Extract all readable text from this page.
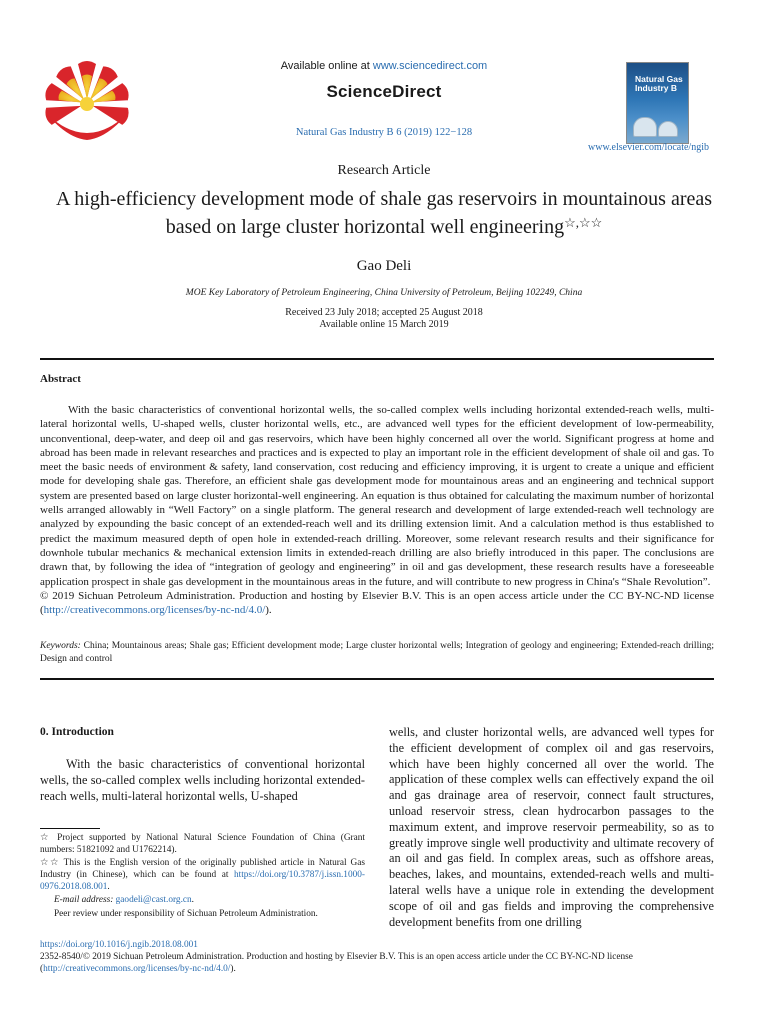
Available online at www.sciencedirect.com
ScienceDirect
Natural Gas Industry B 6 (2019) 122−128
Natural Gas Industry B
www.elsevier.com/locate/ngib
Research Article
A high-efficiency development mode of shale gas reservoirs in mountainous areas based on large cluster horizontal well engineering☆,☆☆
Gao Deli
MOE Key Laboratory of Petroleum Engineering, China University of Petroleum, Beijing 102249, China
Received 23 July 2018; accepted 25 August 2018
Available online 15 March 2019
Abstract

With the basic characteristics of conventional horizontal wells, the so-called complex wells including horizontal extended-reach wells, multi-lateral horizontal wells, U-shaped wells, cluster horizontal wells, etc., are advanced well types for the efficient development of low-permeability, unconventional, deep-water, and deep oil and gas reservoirs, which have been highly concerned all over the world. Significant progress at home and abroad has been made in relevant researches and practices and is expected to play an important role in the efficient development of shale oil and gas. To meet the basic needs of environment & safety, land conservation, cost reducing and efficiency improving, it is urgent to create a unique and efficient mode for developing shale gas. Therefore, an efficient shale gas development mode for mountainous areas and an engineering and technical support system are presented based on large cluster horizontal-well engineering. An equation is thus obtained for calculating the maximum number of horizontal wells arranged allowably in “Well Factory” on a single platform. The general research and development of large extended-reach well technology are analyzed by expounding the basic concept of an extended-reach well and its drilling extension limit. And a calculation method is thus established to predict the maximum measured depth of open hole in extended-reach drilling. Moreover, some relevant research results and their significance for downhole tubular mechanics & mechanical extension limits in extended-reach drilling are also briefly introduced in this paper. The conclusions are drawn that, by following the idea of “integration of geology and engineering” in oil and gas development, these research results have a foreseeable application prospect in shale gas development in the mountainous areas in the future, and will contribute to new progress in China's “Shale Revolution”.

© 2019 Sichuan Petroleum Administration. Production and hosting by Elsevier B.V. This is an open access article under the CC BY-NC-ND license (http://creativecommons.org/licenses/by-nc-nd/4.0/).

Keywords: China; Mountainous areas; Shale gas; Efficient development mode; Large cluster horizontal wells; Integration of geology and engineering; Extended-reach drilling; Design and control
0. Introduction

With the basic characteristics of conventional horizontal wells, the so-called complex wells including horizontal extended-reach wells, multi-lateral horizontal wells, U-shaped

wells, and cluster horizontal wells, are advanced well types for the efficient development of complex oil and gas reservoirs, which have been highly concerned all over the world. The application of these complex wells can effectively expand the oil and gas drainage area of reservoir, connect fault structures, unload reservoir stress, clean hydrocarbon passages to the maximum extent, and improve reservoir permeability, so as to greatly improve single well productivity and ultimate recovery of an oil and gas field. In complex areas, such as offshore areas, beaches, lakes, and mountains, extended-reach wells and multi-lateral wells have a unique role in extending the development scope of oil and gas fields and improving the comprehensive development benefits from one drilling

☆ Project supported by National Natural Science Foundation of China (Grant numbers: 51821092 and U1762214).

☆☆ This is the English version of the originally published article in Natural Gas Industry (in Chinese), which can be found at https://doi.org/10.3787/j.issn.1000-0976.2018.08.001.

E-mail address: gaodeli@cast.org.cn.

Peer review under responsibility of Sichuan Petroleum Administration.

https://doi.org/10.1016/j.ngib.2018.08.001

2352-8540/© 2019 Sichuan Petroleum Administration. Production and hosting by Elsevier B.V. This is an open access article under the CC BY-NC-ND license

(http://creativecommons.org/licenses/by-nc-nd/4.0/).
